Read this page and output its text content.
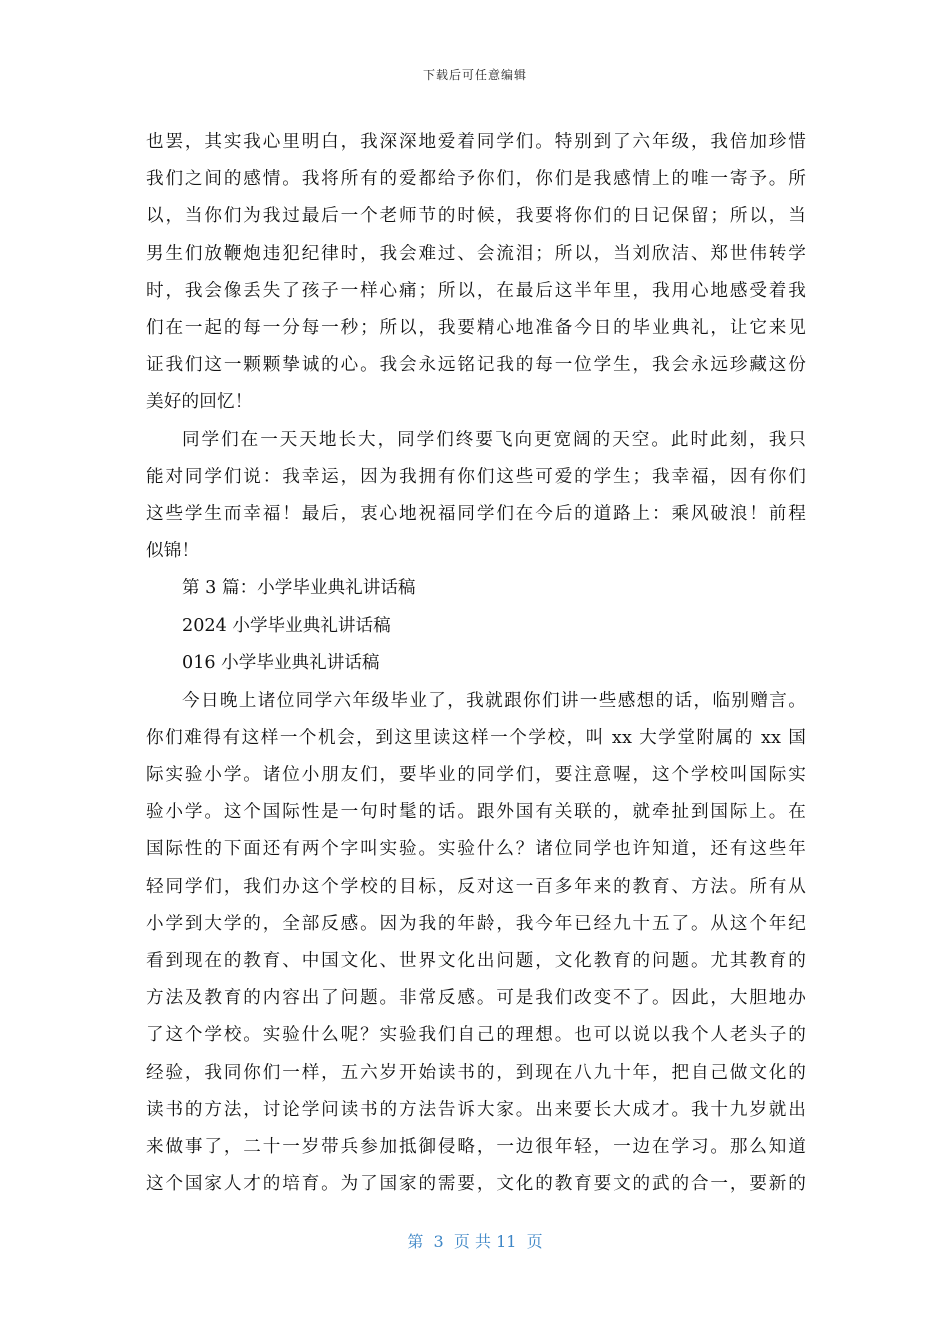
下载后可任意编辑
也罢，其实我心里明白，我深深地爱着同学们。特别到了六年级，我倍加珍惜
我们之间的感情。我将所有的爱都给予你们，你们是我感情上的唯一寄予。所
以，当你们为我过最后一个老师节的时候，我要将你们的日记保留；所以，当
男生们放鞭炮违犯纪律时，我会难过、会流泪；所以，当刘欣洁、郑世伟转学
时，我会像丢失了孩子一样心痛；所以，在最后这半年里，我用心地感受着我
们在一起的每一分每一秒；所以，我要精心地准备今日的毕业典礼，让它来见
证我们这一颗颗挚诚的心。我会永远铭记我的每一位学生，我会永远珍藏这份
美好的回忆！
同学们在一天天地长大，同学们终要飞向更宽阔的天空。此时此刻，我只
能对同学们说：我幸运，因为我拥有你们这些可爱的学生；我幸福，因有你们
这些学生而幸福！最后，衷心地祝福同学们在今后的道路上：乘风破浪！前程
似锦！
第 3 篇：小学毕业典礼讲话稿
2024 小学毕业典礼讲话稿
016 小学毕业典礼讲话稿
今日晚上诸位同学六年级毕业了，我就跟你们讲一些感想的话，临别赠言。
你们难得有这样一个机会，到这里读这样一个学校，叫 xx 大学堂附属的 xx 国
际实验小学。诸位小朋友们，要毕业的同学们，要注意喔，这个学校叫国际实
验小学。这个国际性是一句时髦的话。跟外国有关联的，就牵扯到国际上。在
国际性的下面还有两个字叫实验。实验什么？诸位同学也许知道，还有这些年
轻同学们，我们办这个学校的目标，反对这一百多年来的教育、方法。所有从
小学到大学的，全部反感。因为我的年龄，我今年已经九十五了。从这个年纪
看到现在的教育、中国文化、世界文化出问题，文化教育的问题。尤其教育的
方法及教育的内容出了问题。非常反感。可是我们改变不了。因此，大胆地办
了这个学校。实验什么呢？实验我们自己的理想。也可以说以我个人老头子的
经验，我同你们一样，五六岁开始读书的，到现在八九十年，把自己做文化的
读书的方法，讨论学问读书的方法告诉大家。出来要长大成才。我十九岁就出
来做事了，二十一岁带兵参加抵御侵略，一边很年轻，一边在学习。那么知道
这个国家人才的培育。为了国家的需要，文化的教育要文的武的合一，要新的
第  3  页 共 11  页
